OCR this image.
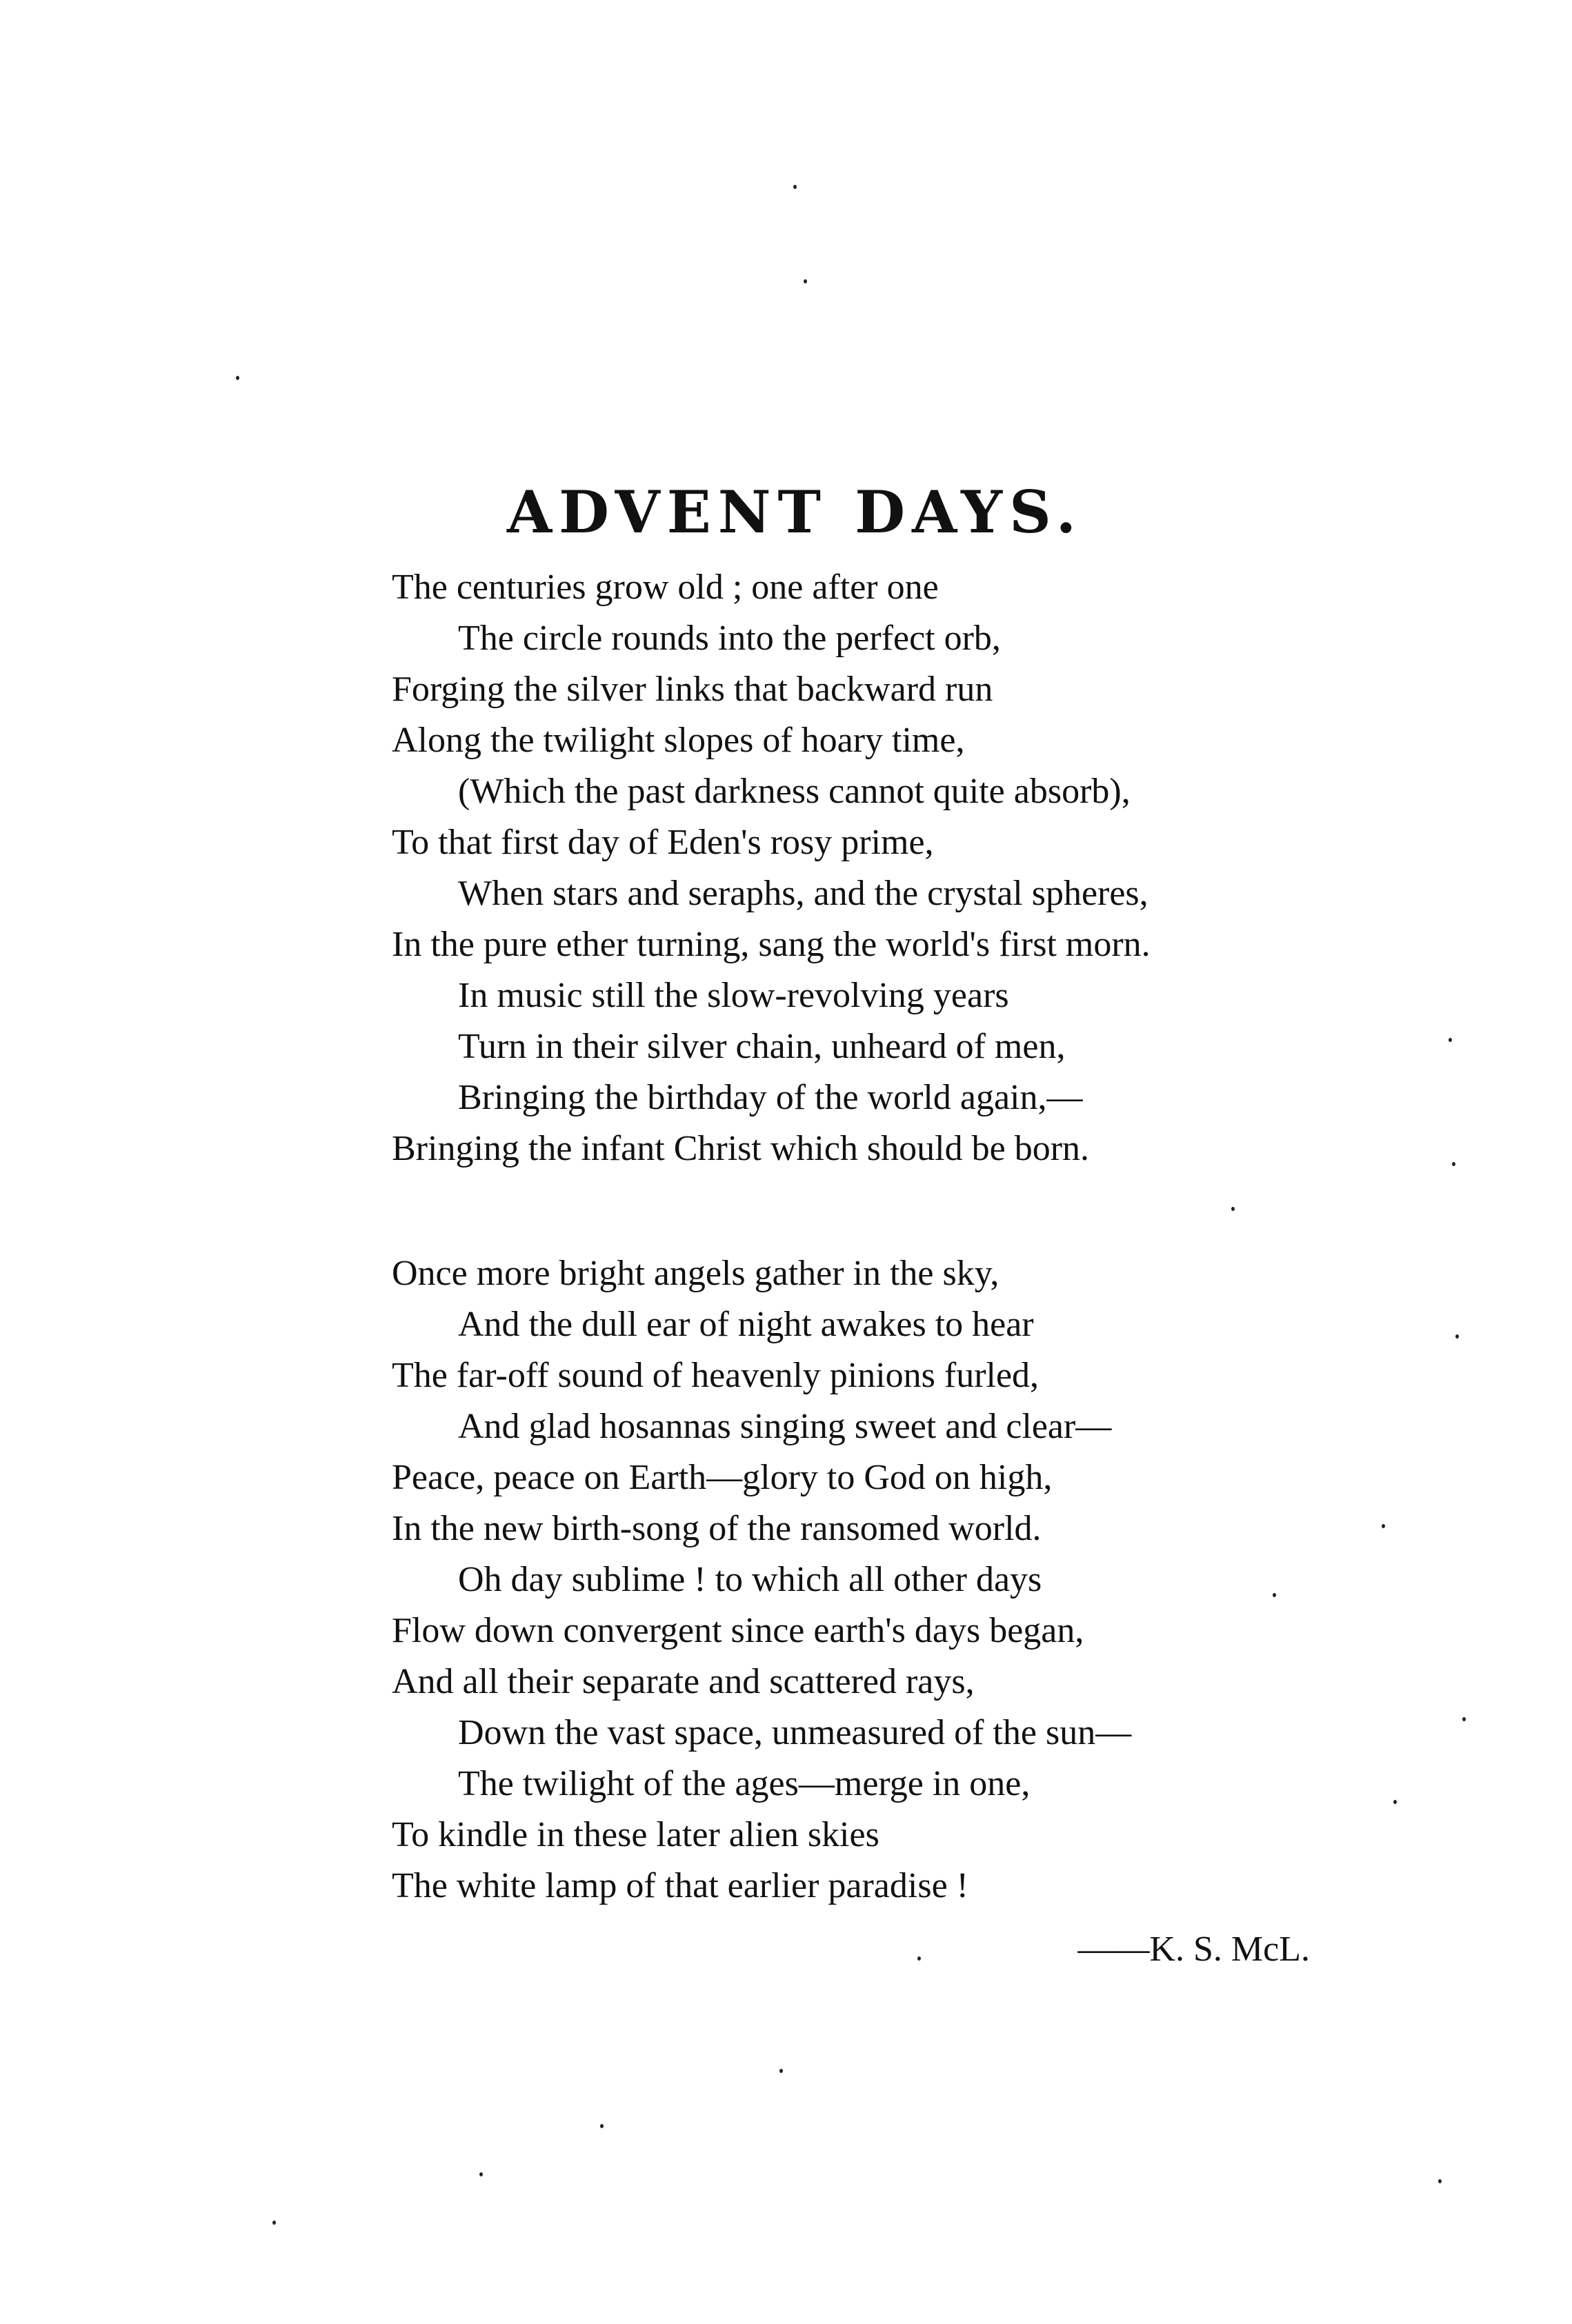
ADVENT DAYS.
The centuries grow old ; one after one
The circle rounds into the perfect orb,
Forging the silver links that backward run
Along the twilight slopes of hoary time,
(Which the past darkness cannot quite absorb),
To that first day of Eden's rosy prime,
When stars and seraphs, and the crystal spheres,
In the pure ether turning, sang the world's first morn.
In music still the slow-revolving years
Turn in their silver chain, unheard of men,
Bringing the birthday of the world again,—
Bringing the infant Christ which should be born.
Once more bright angels gather in the sky,
And the dull ear of night awakes to hear
The far-off sound of heavenly pinions furled,
And glad hosannas singing sweet and clear—
Peace, peace on Earth—glory to God on high,
In the new birth-song of the ransomed world.
Oh day sublime ! to which all other days
Flow down convergent since earth's days began,
And all their separate and scattered rays,
Down the vast space, unmeasured of the sun—
The twilight of the ages—merge in one,
To kindle in these later alien skies
The white lamp of that earlier paradise !
——K. S. McL.
